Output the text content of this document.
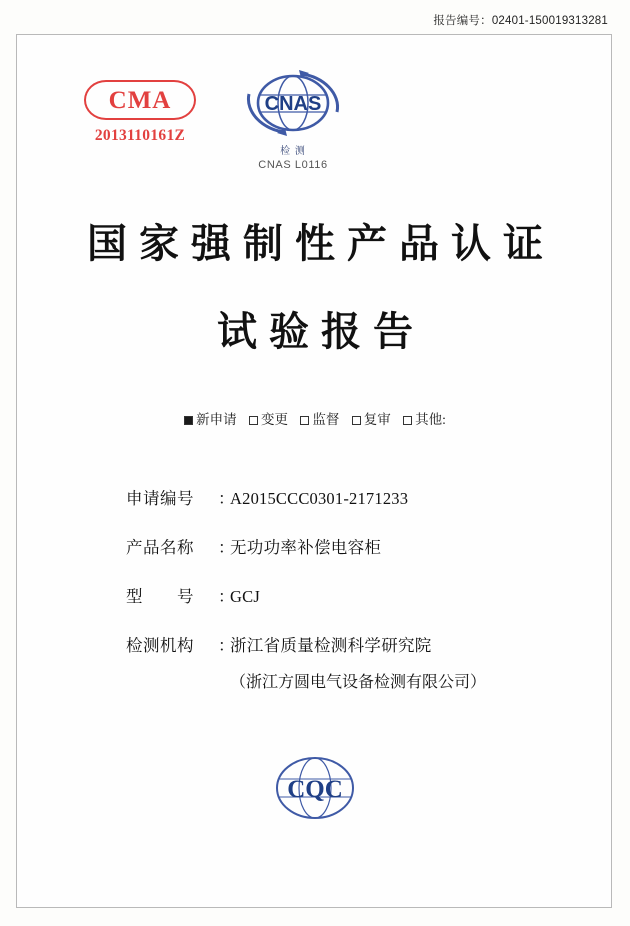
报告编号：02401-150019313281
CMA
2013110161Z
CNAS
检 测
CNAS L0116
国家强制性产品认证
试验报告
新申请 变更 监督 复审 其他:
申请编号	：
A2015CCC0301-2171233
产品名称	：
无功功率补偿电容柜
型　　号	：
GCJ
检测机构	：
浙江省质量检测科学研究院
（浙江方圆电气设备检测有限公司）
CQC
